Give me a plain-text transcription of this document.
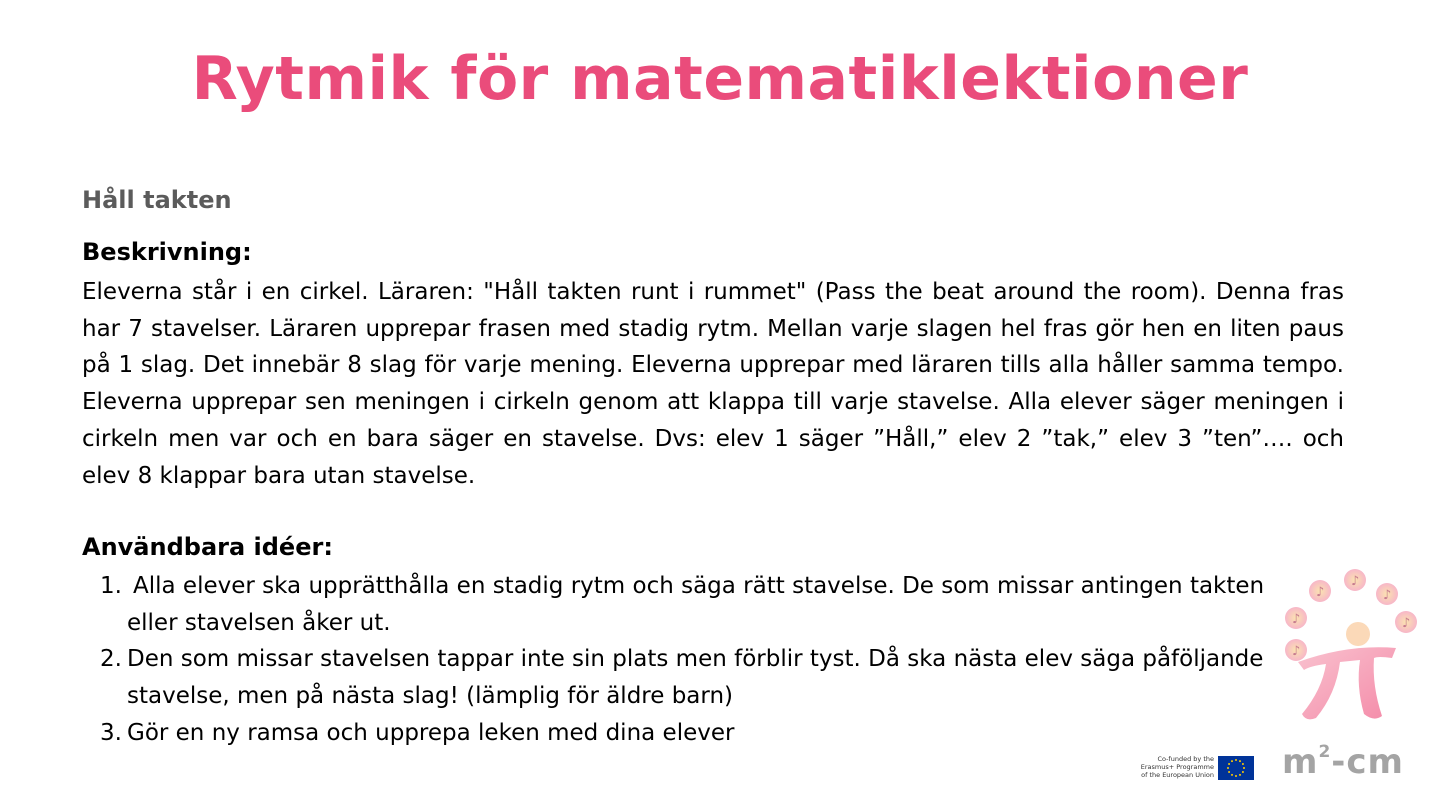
Rytmik för matematiklektioner
Håll takten
Beskrivning:

Eleverna står i en cirkel. Läraren: "Håll takten runt i rummet" (Pass the beat around the room). Denna fras har 7 stavelser. Läraren upprepar frasen med stadig rytm. Mellan varje slagen hel fras gör hen en liten paus på 1 slag. Det innebär 8 slag för varje mening. Eleverna upprepar med läraren tills alla håller samma tempo. Eleverna upprepar sen meningen i cirkeln genom att klappa till varje stavelse. Alla elever säger meningen i cirkeln men var och en bara säger en stavelse. Dvs: elev 1 säger ”Håll,” elev 2 ”tak,” elev 3 ”ten”…. och elev 8 klappar bara utan stavelse.

Användbara idéer:
1. Alla elever ska upprätthålla en stadig rytm och säga rätt stavelse. De som missar antingen takten eller stavelsen åker ut.
2. Den som missar stavelsen tappar inte sin plats men förblir tyst. Då ska nästa elev säga påföljande stavelse, men på nästa slag! (lämplig för äldre barn)
3. Gör en ny ramsa och upprepa leken med dina elever
♪
♪
♪
♪
♪
♪
$m^2-cm$
Co-funded by the
Erasmus+ Programme
of the European Union
